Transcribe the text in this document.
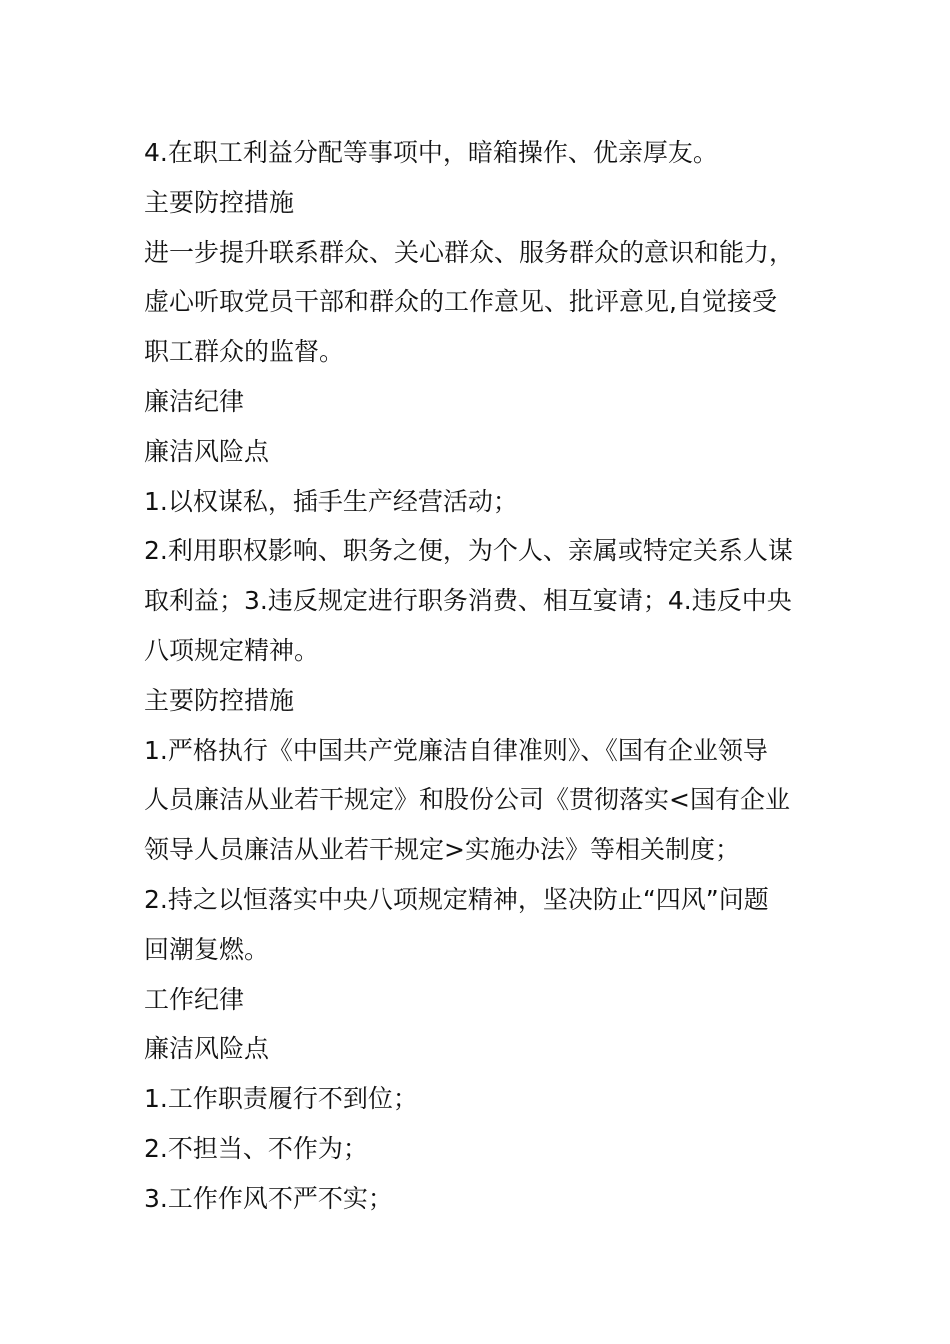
4.在职工利益分配等事项中，暗箱操作、优亲厚友。
主要防控措施
进一步提升联系群众、关心群众、服务群众的意识和能力，
虚心听取党员干部和群众的工作意见、批评意见,自觉接受
职工群众的监督。
廉洁纪律
廉洁风险点
1.以权谋私，插手生产经营活动；
2.利用职权影响、职务之便，为个人、亲属或特定关系人谋
取利益；3.违反规定进行职务消费、相互宴请；4.违反中央
八项规定精神。
主要防控措施
1.严格执行《中国共产党廉洁自律准则》、《国有企业领导
人员廉洁从业若干规定》和股份公司《贯彻落实<国有企业
领导人员廉洁从业若干规定>实施办法》等相关制度；
2.持之以恒落实中央八项规定精神，坚决防止“四风”问题
回潮复燃。
工作纪律
廉洁风险点
1.工作职责履行不到位；
2.不担当、不作为；
3.工作作风不严不实；
